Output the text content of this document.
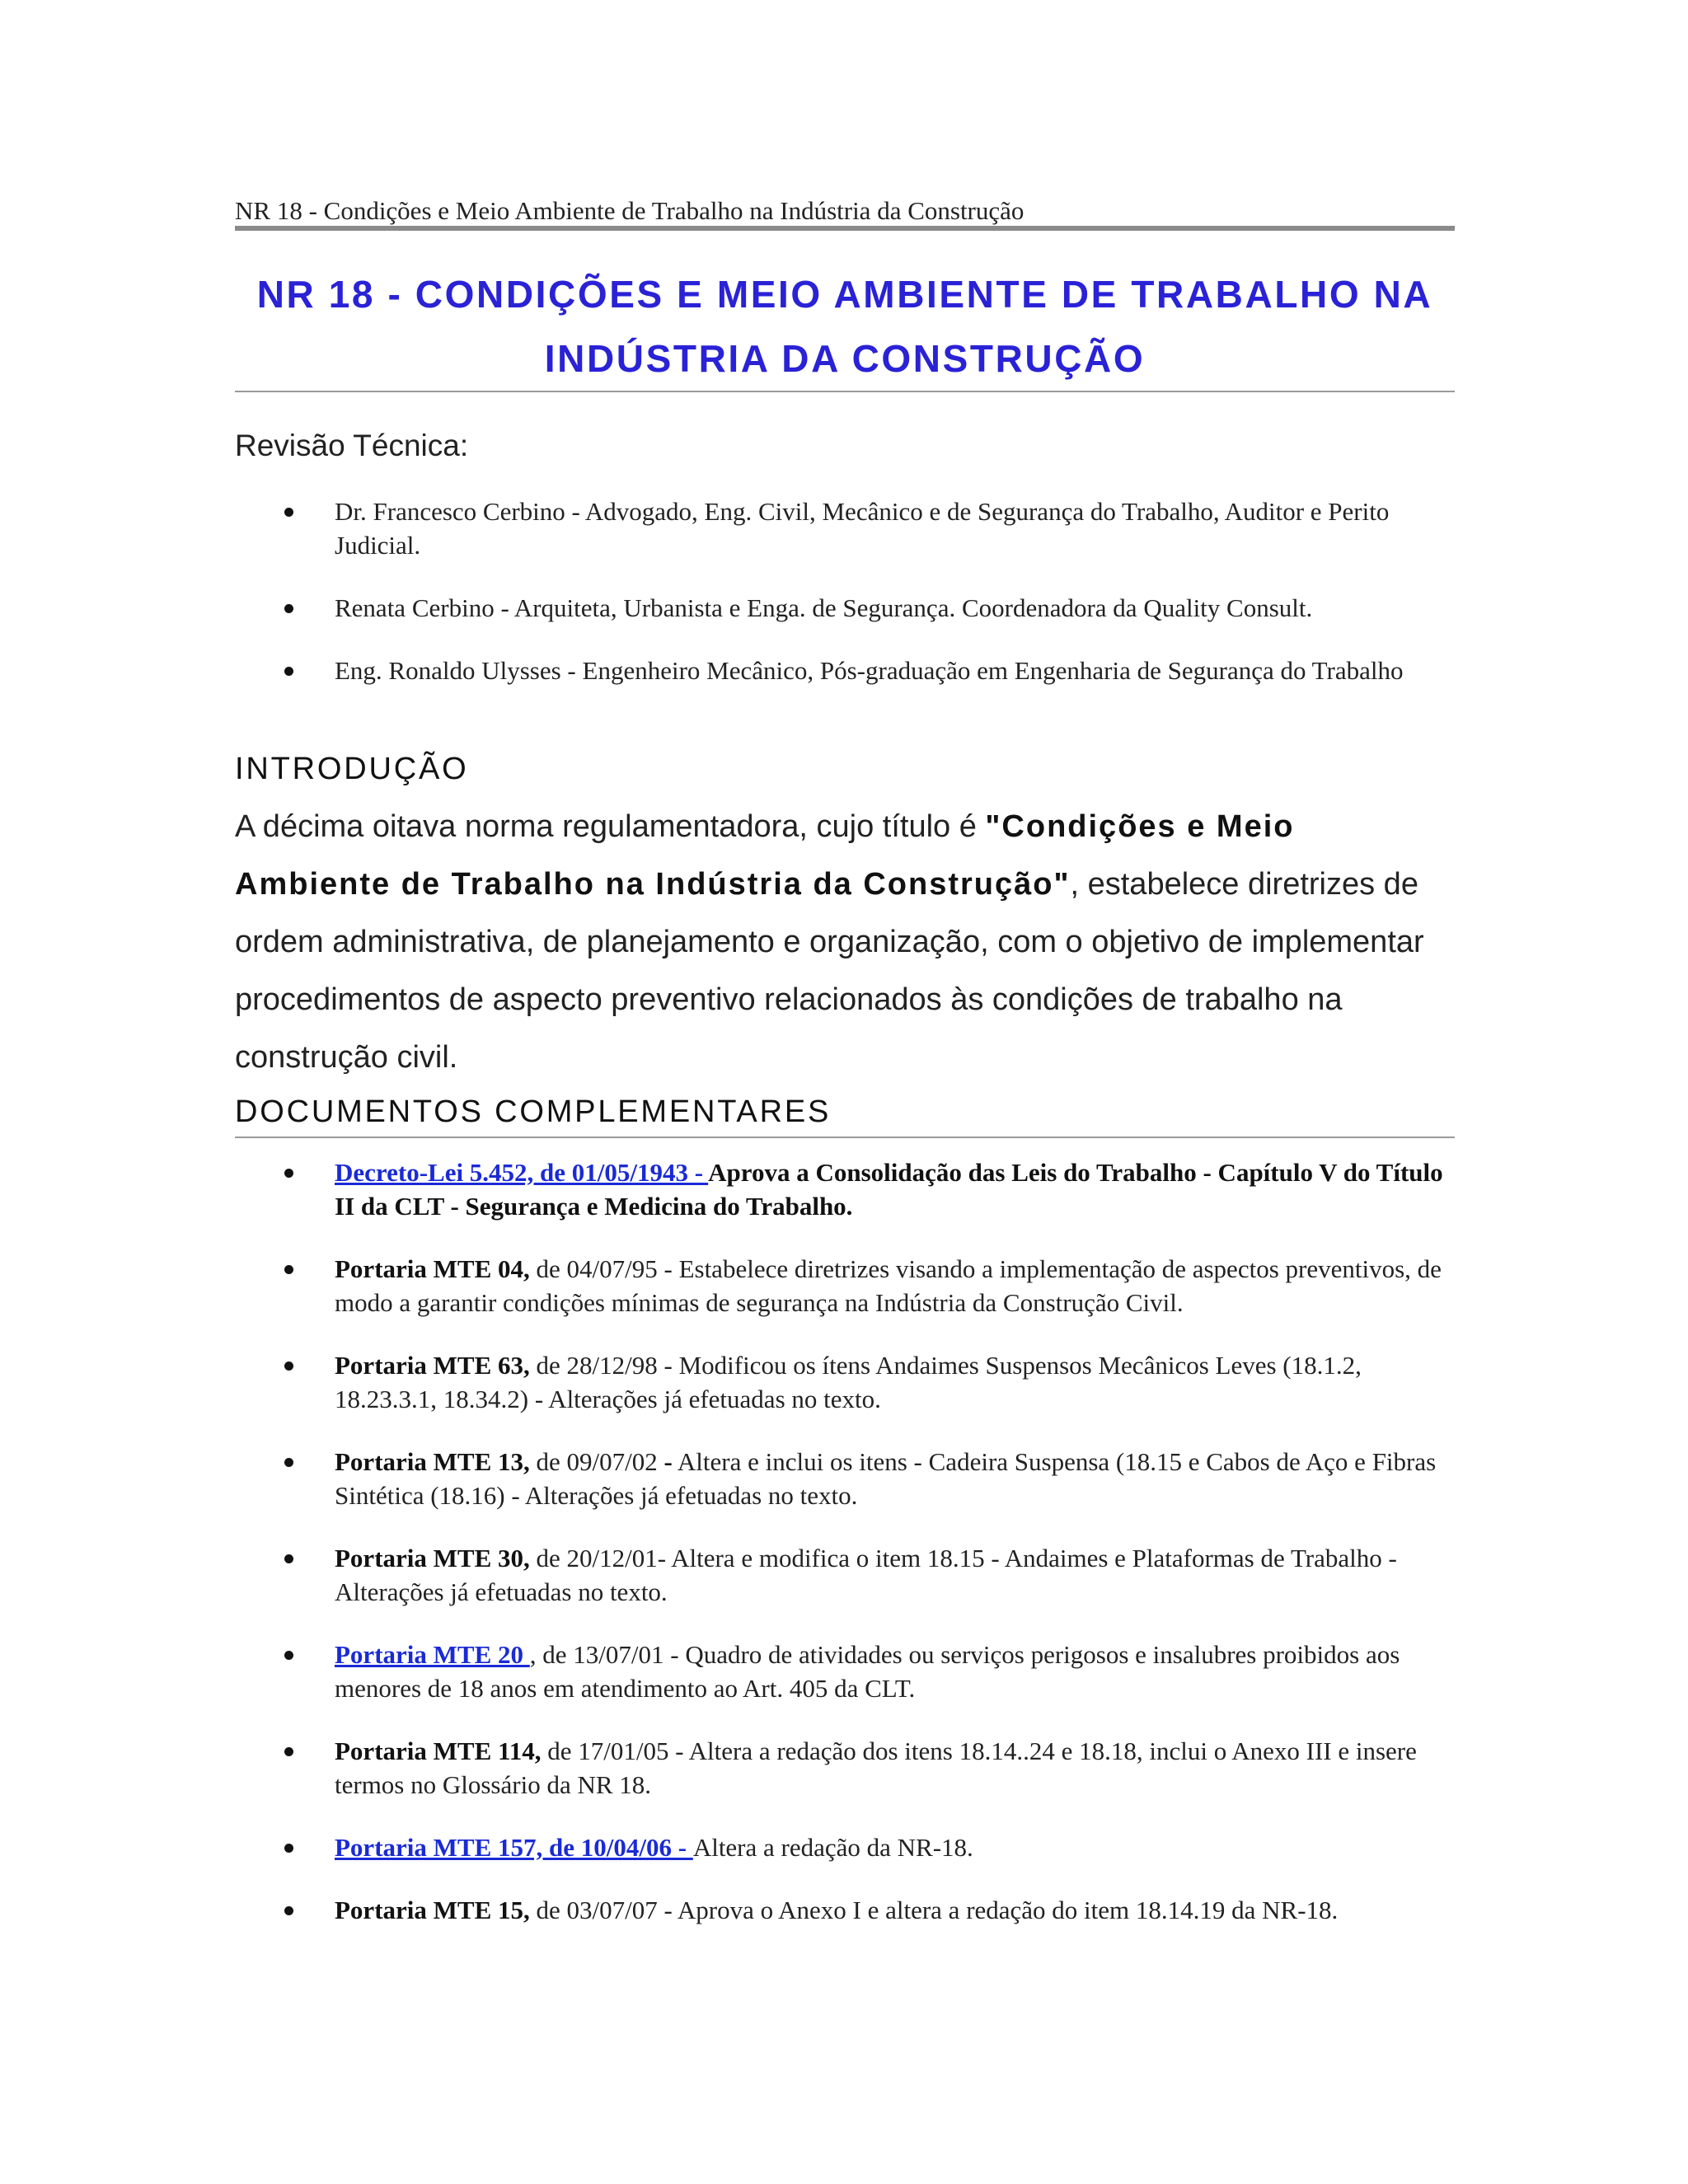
NR 18 - Condições e Meio Ambiente de Trabalho na Indústria da Construção
NR 18 - CONDIÇÕES E MEIO AMBIENTE DE TRABALHO NA
INDÚSTRIA DA CONSTRUÇÃO
Revisão Técnica:
Dr. Francesco Cerbino - Advogado, Eng. Civil, Mecânico e de Segurança do Trabalho, Auditor e Perito Judicial.
Renata Cerbino - Arquiteta, Urbanista e Enga. de Segurança. Coordenadora da Quality Consult.
Eng. Ronaldo Ulysses - Engenheiro Mecânico, Pós-graduação em Engenharia de Segurança do Trabalho
INTRODUÇÃO
A décima oitava norma regulamentadora, cujo título é "Condições e Meio Ambiente de Trabalho na Indústria da Construção", estabelece diretrizes de ordem administrativa, de planejamento e organização, com o objetivo de implementar procedimentos de aspecto preventivo relacionados às condições de trabalho na construção civil.
DOCUMENTOS COMPLEMENTARES
Decreto-Lei 5.452, de 01/05/1943 - Aprova a Consolidação das Leis do Trabalho - Capítulo V do Título II da CLT - Segurança e Medicina do Trabalho.
Portaria MTE 04, de 04/07/95 - Estabelece diretrizes visando a implementação de aspectos preventivos, de modo a garantir condições mínimas de segurança na Indústria da Construção Civil.
Portaria MTE 63, de 28/12/98 - Modificou os ítens Andaimes Suspensos Mecânicos Leves (18.1.2, 18.23.3.1, 18.34.2) - Alterações já efetuadas no texto.
Portaria MTE 13, de 09/07/02 - Altera e inclui os itens - Cadeira Suspensa (18.15 e Cabos de Aço e Fibras Sintética (18.16) - Alterações já efetuadas no texto.
Portaria MTE 30, de 20/12/01- Altera e modifica o item 18.15 - Andaimes e Plataformas de Trabalho - Alterações já efetuadas no texto.
Portaria MTE 20 , de 13/07/01 - Quadro de atividades ou serviços perigosos e insalubres proibidos aos menores de 18 anos em atendimento ao Art. 405 da CLT.
Portaria MTE 114, de 17/01/05 - Altera a redação dos itens 18.14..24 e 18.18, inclui o Anexo III e insere termos no Glossário da NR 18.
Portaria MTE 157, de 10/04/06 - Altera a redação da NR-18.
Portaria MTE 15, de 03/07/07 - Aprova o Anexo I e altera a redação do item 18.14.19 da NR-18.
